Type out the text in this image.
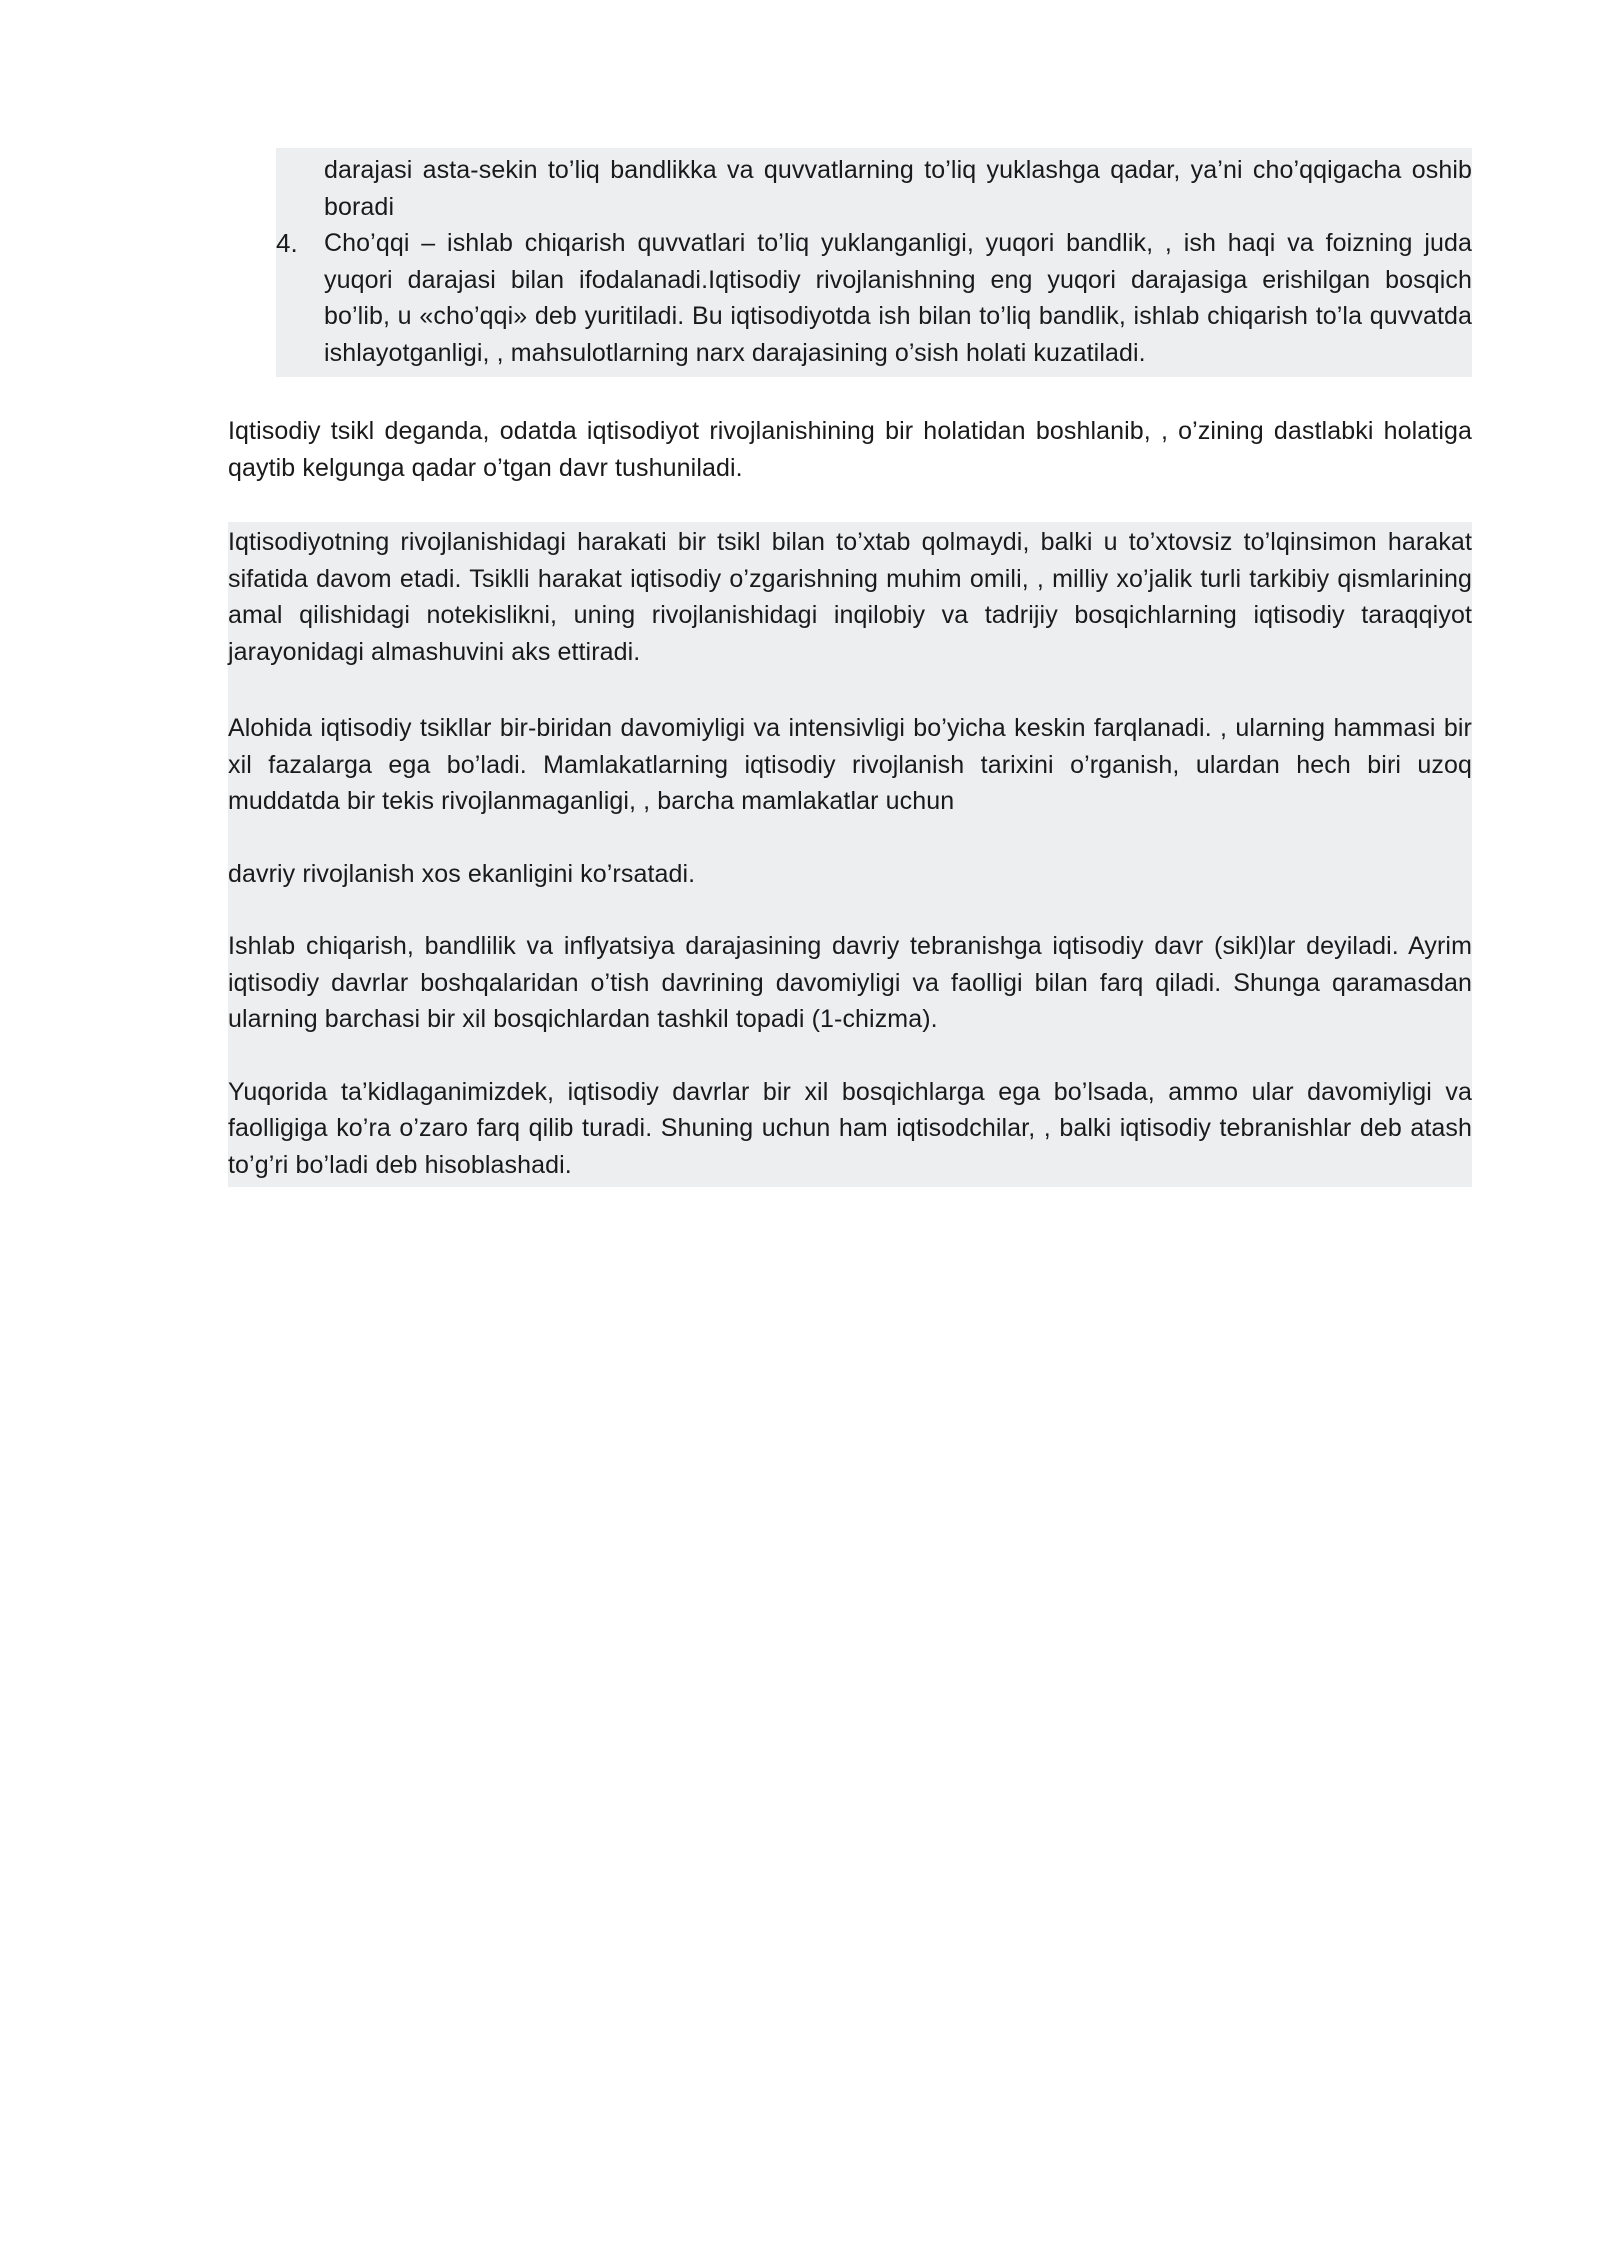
darajasi asta-sekin to’liq bandlikka va quvvatlarning to’liq yuklashga qadar, ya’ni cho’qqigacha oshib boradi
4.	Cho’qqi – ishlab chiqarish quvvatlari to’liq yuklanganligi, yuqori bandlik, , ish haqi va foizning juda yuqori darajasi bilan ifodalanadi.Iqtisodiy rivojlanishning eng yuqori darajasiga erishilgan bosqich bo’lib, u «cho’qqi» deb yuritiladi. Bu iqtisodiyotda ish bilan to’liq bandlik, ishlab chiqarish to’la quvvatda ishlayotganligi, , mahsulotlarning narx darajasining o’sish holati kuzatiladi.

Iqtisodiy tsikl deganda, odatda iqtisodiyot rivojlanishining bir holatidan boshlanib, , o’zining dastlabki holatiga qaytib kelgunga qadar o’tgan davr tushuniladi.

Iqtisodiyotning rivojlanishidagi harakati bir tsikl bilan to’xtab qolmaydi, balki u to’xtovsiz to’lqinsimon harakat sifatida davom etadi. Tsiklli harakat iqtisodiy o’zgarishning muhim omili, , milliy xo’jalik turli tarkibiy qismlarining amal qilishidagi notekislikni, uning rivojlanishidagi inqilobiy va tadrijiy bosqichlarning iqtisodiy taraqqiyot jarayonidagi almashuvini aks ettiradi.

Alohida iqtisodiy tsikllar bir-biridan davomiyligi va intensivligi bo’yicha keskin farqlanadi. , ularning hammasi bir xil fazalarga ega bo’ladi. Mamlakatlarning iqtisodiy rivojlanish tarixini o’rganish, ulardan hech biri uzoq muddatda bir tekis rivojlanmaganligi, , barcha mamlakatlar uchun

davriy rivojlanish xos ekanligini ko’rsatadi.

Ishlab chiqarish, bandlilik va inflyatsiya darajasining davriy tebranishga iqtisodiy davr (sikl)lar deyiladi. Ayrim iqtisodiy davrlar boshqalaridan o’tish davrining davomiyligi va faolligi bilan farq qiladi. Shunga qaramasdan ularning barchasi bir xil bosqichlardan tashkil topadi (1-chizma).

Yuqorida ta’kidlaganimizdek, iqtisodiy davrlar bir xil bosqichlarga ega bo’lsada, ammo ular davomiyligi va faolligiga ko’ra o’zaro farq qilib turadi. Shuning uchun ham iqtisodchilar, , balki iqtisodiy tebranishlar deb atash to’g’ri bo’ladi deb hisoblashadi.
